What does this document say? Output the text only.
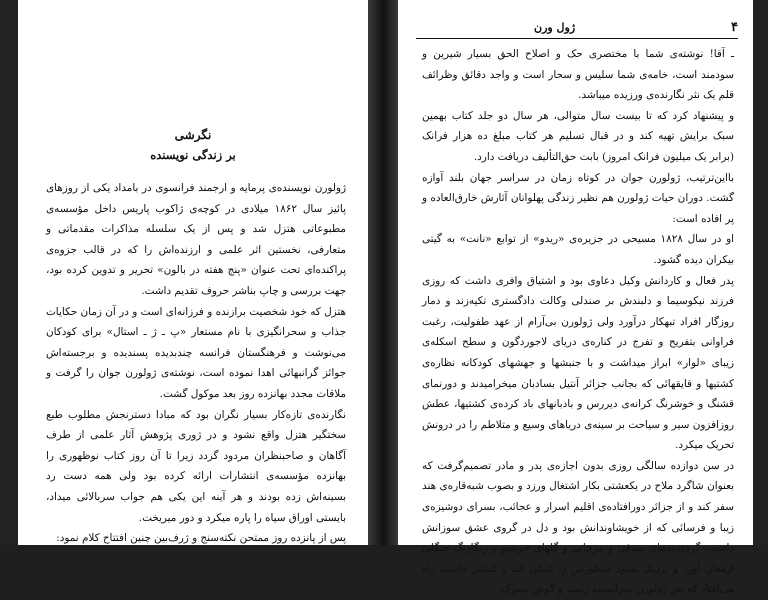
نگرشی
بر زندگی نویسنده

ژولورن نویسنده‌ی پرمایه و ارجمند فرانسوی در بامداد یکی از روزهای پائیز سال ۱۸۶۲ میلادی در کوچه‌ی ژاکوب پاریس داخل مؤسسه‌ی مطبوعاتی هتزل شد و پس از یک سلسله مذاکرات مقدماتی و متعارفی، نخستین اثر علمی و ارزنده‌اش را که در قالب جزوه‌ی پراکنده‌ای تحت عنوان «پنج هفته در بالون» تحریر و تدوین کرده بود، جهت بررسی و چاپ بناشر حروف تقدیم داشت.

هتزل که خود شخصیت برازنده و فرزانه‌ای است و در آن زمان حکایات جذاب و سحرانگیزی با نام مستعار «پ ـ ژ ـ استال» برای کودکان می‌نوشت و فرهنگستان فرانسه چندبدیده پسندیده و برجسته‌اش جوائز گرانبهائی اهدا نموده است، نوشته‌ی ژولورن جوان را گرفت و ملاقات مجدد بهانزده روز بعد موکول گشت.

نگارنده‌ی تازه‌کار بسیار نگران بود که مبادا دسترنجش مطلوب طبع سختگیر هتزل واقع نشود و در ژوری پژوهش آثار علمی از طرف آگاهان و صاحبنظران مردود گردد زیرا تا آن روز کتاب نوظهوری را بهانزده مؤسسه‌ی انتشارات ارائه کرده بود ولی همه دست رد بسینه‌اش زده بودند و هر آینه این یکی هم جواب سربالائی میداد، بایستی اوراق سیاه را پاره میکرد و دور میریخت.

پس از پانزده روز ممتحن نکته‌سنج و ژرف‌بین چنین افتتاح کلام نمود:

۴
ژول ورن

ـ آقا! نوشته‌ی شما با مختصری حک و اصلاح الحق بسیار شیرین و سودمند است، خامه‌ی شما سلیس و سحار است و واجد دقائق وظرائف قلم یک نثر نگارنده‌ی ورزیده میباشد.

و پیشنهاد کرد که تا بیست سال متوالی، هر سال دو جلد کتاب بهمین سبک برایش تهیه کند و در قبال تسلیم هر کتاب مبلغ ده هزار فرانک (برابر یک میلیون فرانک امروز) بابت حق‌التألیف دریافت دارد.

بااین‌ترتیب، ژولورن جوان در کوتاه زمان در سراسر جهان بلند آوازه گشت. دوران حیات ژولورن هم نظیر زندگی پهلوانان آثارش خارق‌العاده و پر افاده است:

او در سال ۱۸۲۸ مسیحی در جزیره‌ی «ریدو» از توابع «نانت» به گیتی بیکران دیده گشود.

پدر فعال و کاردانش وکیل دعاوی بود و اشتیاق وافری داشت که روزی فرزند نیکوسیما و دلبندش بر صندلی وکالت دادگستری تکیه‌زند و دمار روزگار افراد تبهکار درآورد ولی ژولورن بی‌آرام از عهد طفولیت، رغبت فراوانی بتفریح و تفرج در کناره‌ی دریای لاجوردگون و سطح اسکله‌ی زیبای «لوار» ابراز میداشت و با جنبشها و جهشهای کودکانه نظاره‌ی کشتیها و قایقهائی که بجانب جزائر آنتیل بسادبان میخرامیدند و دورنمای قشنگ و خوشرنگ کرانه‌ی دیررس و بادبانهای باد کرده‌ی کشتیها، عطش روزافزون سیر و سیاحت بر سینه‌ی دریاهای وسیع و متلاطم را در درونش تحریک میکرد.

در سن دوازده سالگی روزی بدون اجازه‌ی پدر و مادر تصمیم‌گرفت که بعنوان شاگرد ملاح در یکعشتی بکار اشتغال ورزد و بصوب شبه‌قاره‌ی هند سفر کند و از جزائر دورافتاده‌ی اقلیم اسرار و عجائب، بسرای دوشیزه‌ی زیبا و فرسائی که از خویشاوندانش بود و دل در گروی عشق سوزانش داشت، گردن‌بندهای صدفی و مرجانی و گلهای خوشبو و رنگارنگ جنگلی ارمغان آورد و نزدیک بسود منظورش را عملی کند و کشتی داشت راه می‌افتاد که پدر ژولورن سراسیمه رسید و گوش پسرک
